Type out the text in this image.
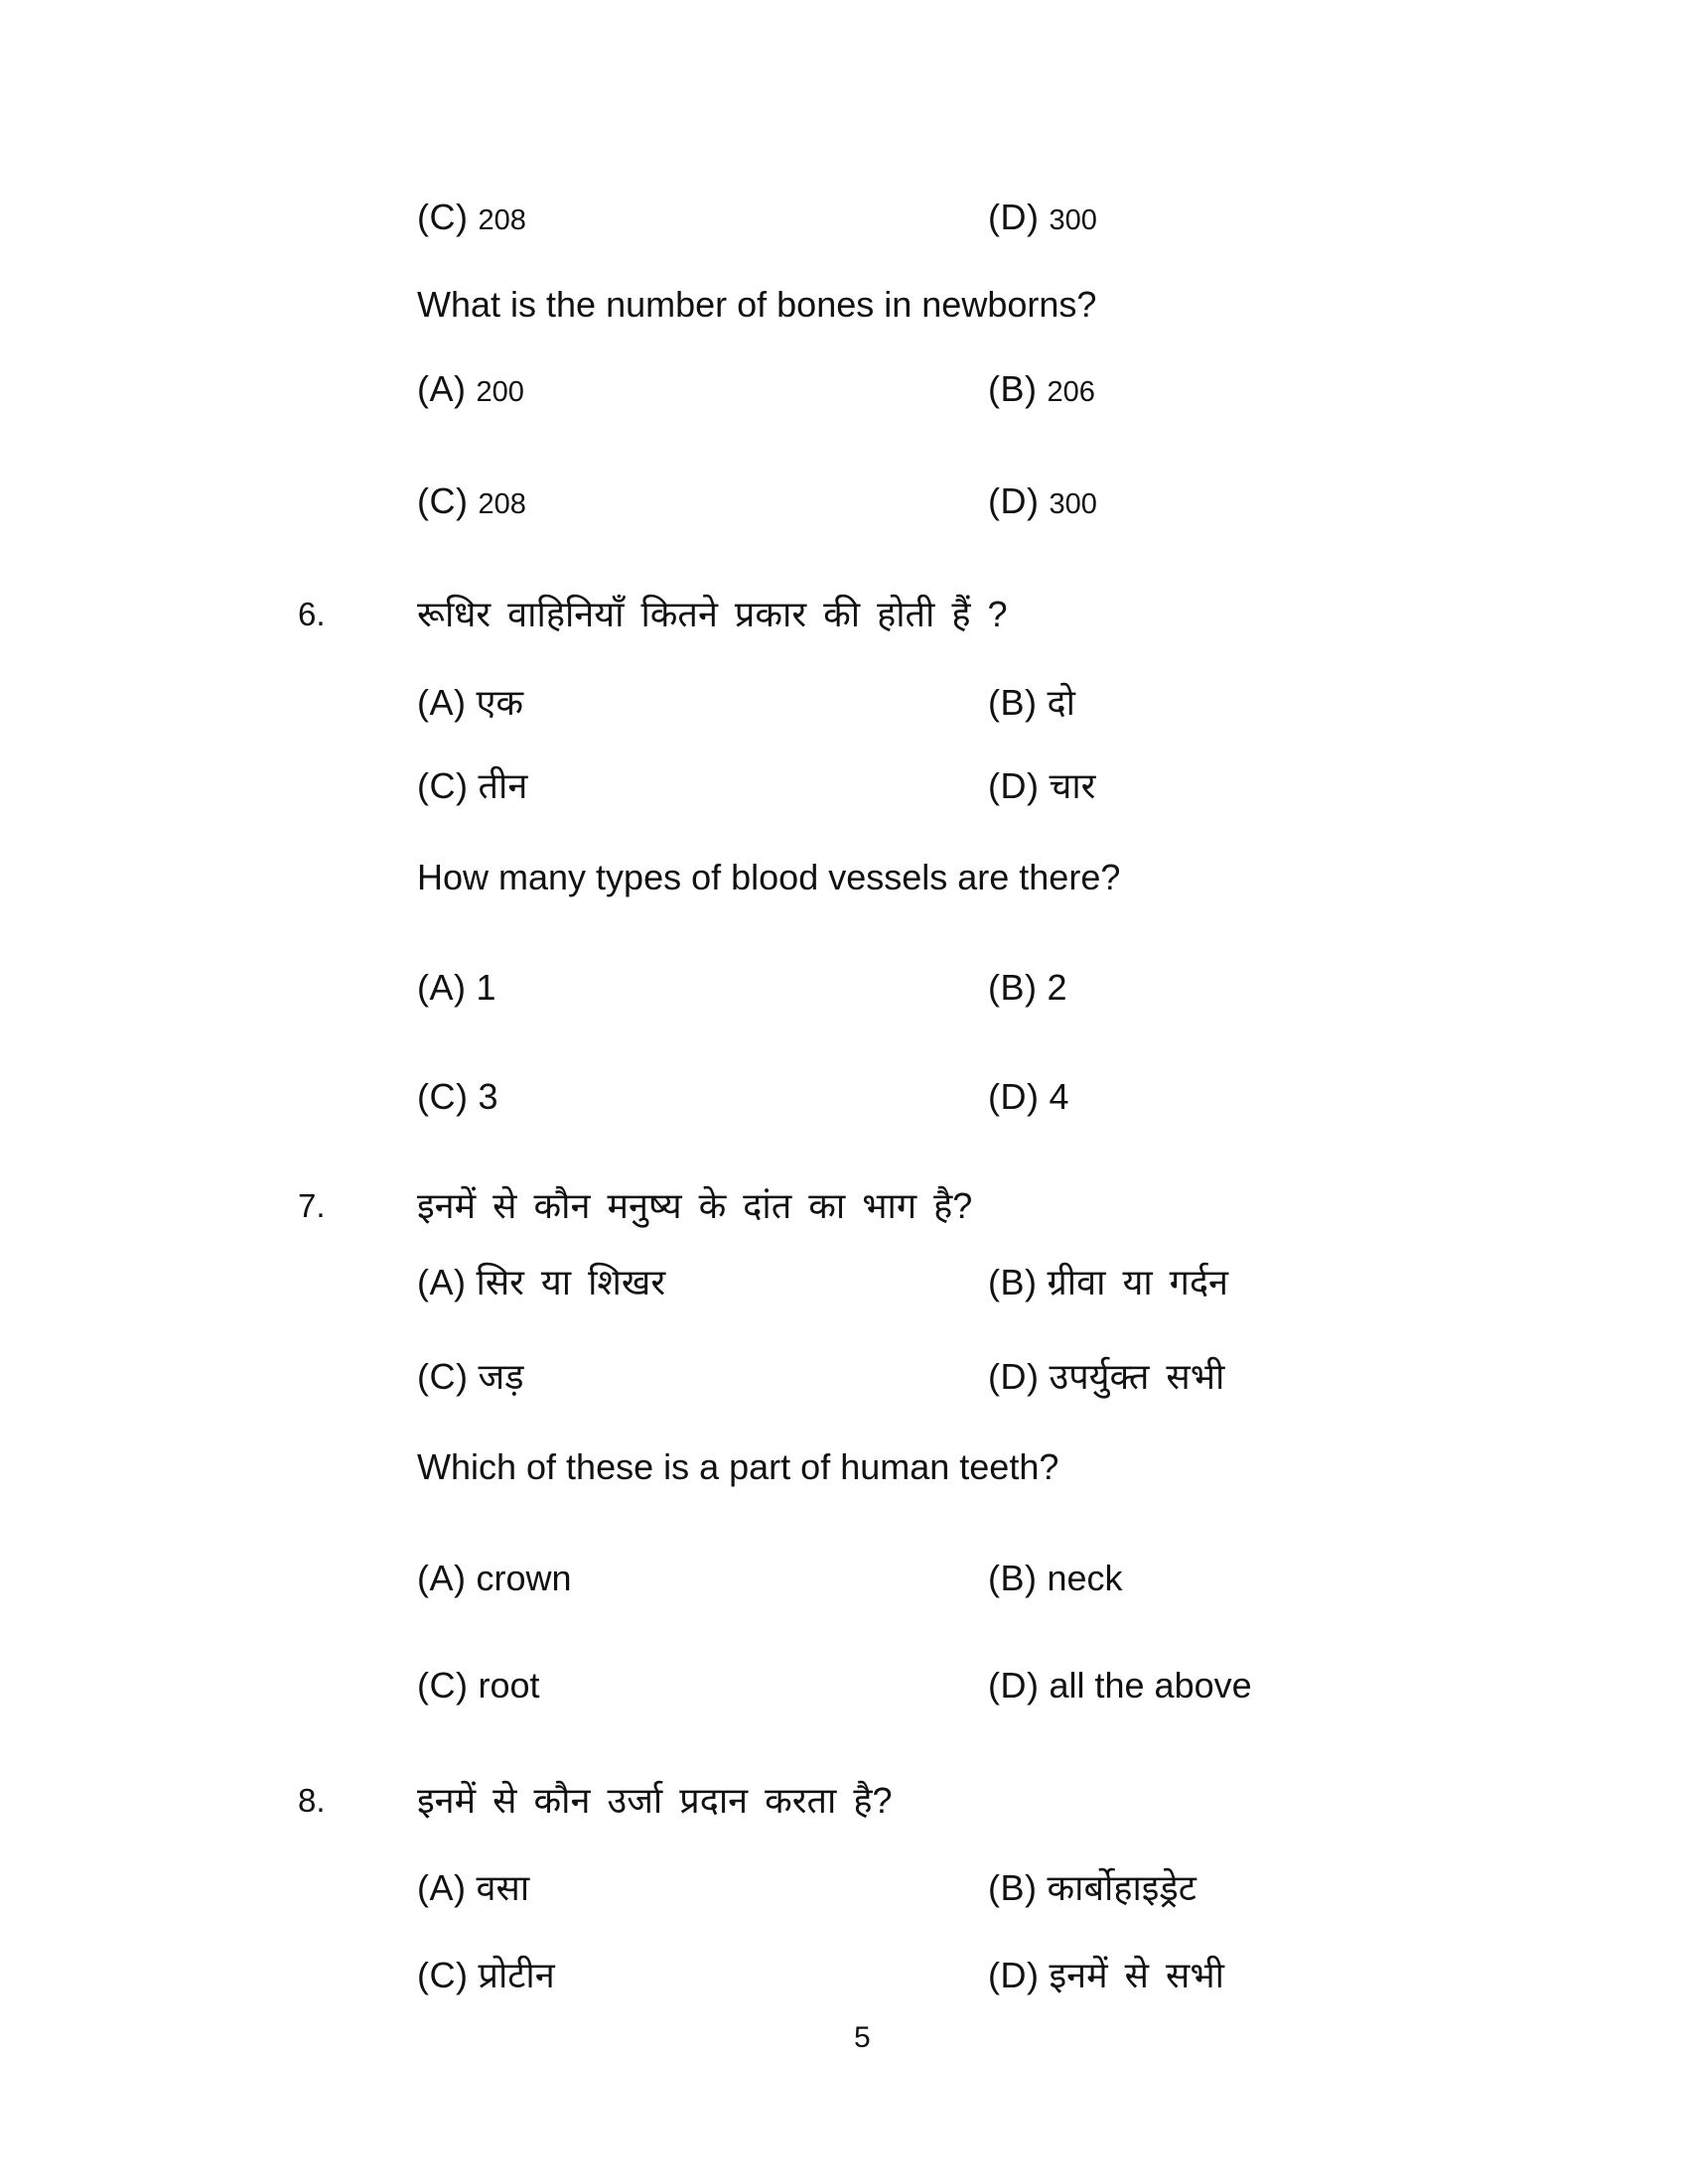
(C) 208	(D) 300
What is the number of bones in newborns?
(A) 200	(B) 206
(C) 208	(D) 300
6.	रूधिर वाहिनियाँ कितने प्रकार की होती हैं ?
(A) एक	(B) दो
(C) तीन	(D) चार
How many types of blood vessels are there?
(A) 1	(B) 2
(C) 3	(D) 4
7.	इनमें से कौन मनुष्य के दांत का भाग है?
(A) सिर या शिखर	(B) ग्रीवा या गर्दन
(C) जड़	(D) उपर्युक्त सभी
Which of these is a part of human teeth?
(A) crown	(B) neck
(C) root	(D) all the above
8.	इनमें से कौन उर्जा प्रदान करता है?
(A) वसा	(B) कार्बोहाइड्रेट
(C) प्रोटीन	(D) इनमें से सभी
5
